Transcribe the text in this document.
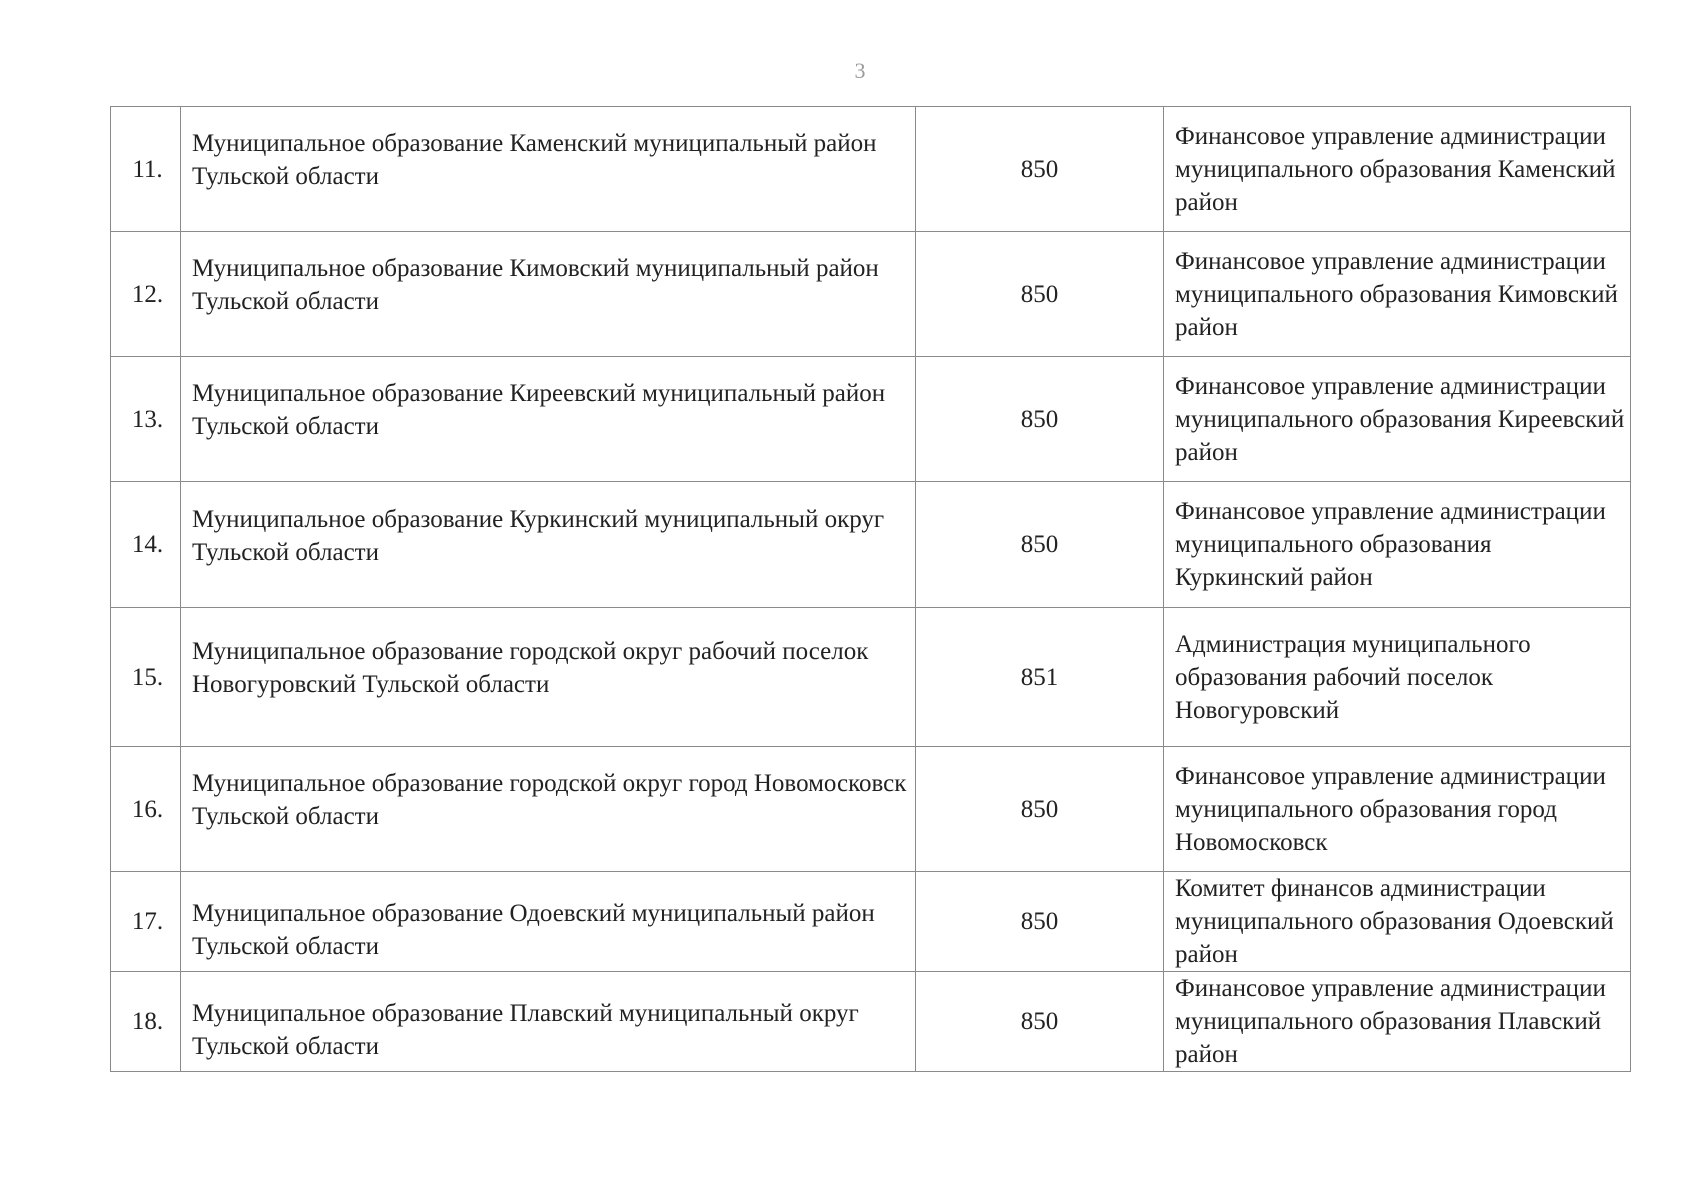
3
11.	Муниципальное образование Каменский муниципальный район Тульской области	850	Финансовое управление администрации муниципального образования Каменский район
12.	Муниципальное образование Кимовский муниципальный район Тульской области	850	Финансовое управление администрации муниципального образования Кимовский район
13.	Муниципальное образование Киреевский муниципальный район Тульской области	850	Финансовое управление администрации муниципального образования Киреевский район
14.	Муниципальное образование Куркинский муниципальный округ Тульской области	850	Финансовое управление администрации муниципального образования Куркинский район
15.	Муниципальное образование городской округ рабочий поселок Новогуровский Тульской области	851	Администрация муниципального образования рабочий поселок Новогуровский
16.	Муниципальное образование городской округ город Новомосковск Тульской области	850	Финансовое управление администрации муниципального образования город Новомосковск
17.	Муниципальное образование Одоевский муниципальный район Тульской области	850	Комитет финансов администрации муниципального образования Одоевский район
18.	Муниципальное образование Плавский муниципальный округ Тульской области	850	Финансовое управление администрации муниципального образования Плавский район
